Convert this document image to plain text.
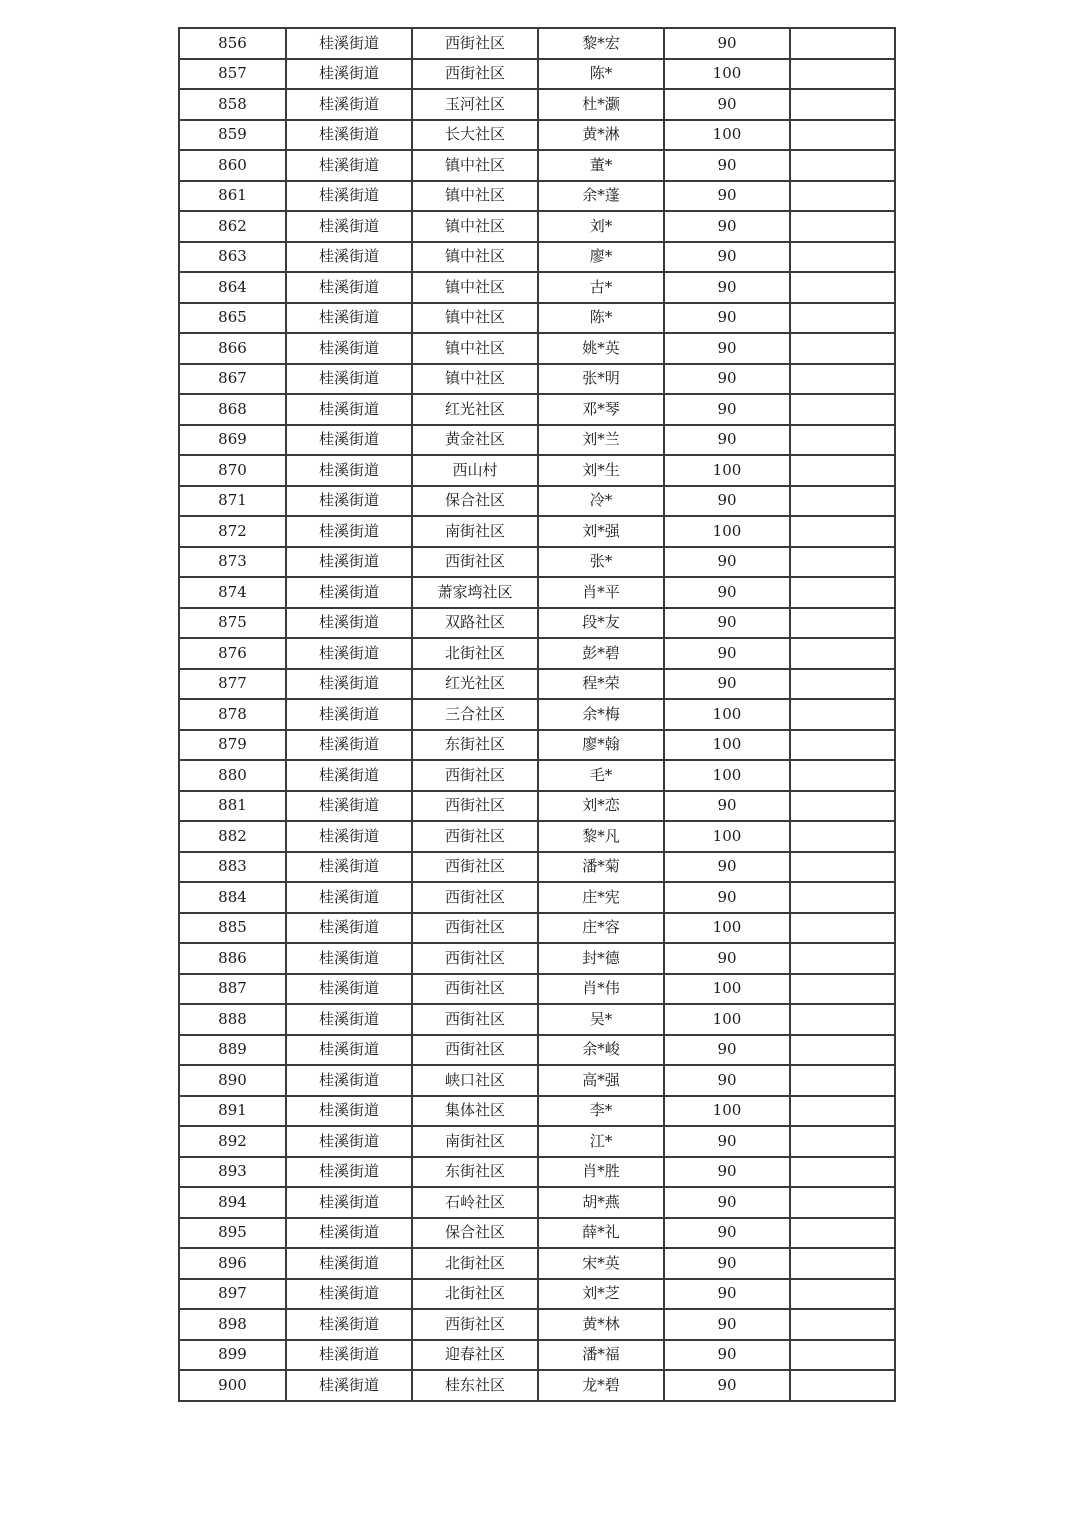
856	桂溪街道	西街社区	黎*宏	90	
857	桂溪街道	西街社区	陈*	100	
858	桂溪街道	玉河社区	杜*灏	90	
859	桂溪街道	长大社区	黄*淋	100	
860	桂溪街道	镇中社区	董*	90	
861	桂溪街道	镇中社区	余*蓬	90	
862	桂溪街道	镇中社区	刘*	90	
863	桂溪街道	镇中社区	廖*	90	
864	桂溪街道	镇中社区	古*	90	
865	桂溪街道	镇中社区	陈*	90	
866	桂溪街道	镇中社区	姚*英	90	
867	桂溪街道	镇中社区	张*明	90	
868	桂溪街道	红光社区	邓*琴	90	
869	桂溪街道	黄金社区	刘*兰	90	
870	桂溪街道	西山村	刘*生	100	
871	桂溪街道	保合社区	冷*	90	
872	桂溪街道	南街社区	刘*强	100	
873	桂溪街道	西街社区	张*	90	
874	桂溪街道	萧家塆社区	肖*平	90	
875	桂溪街道	双路社区	段*友	90	
876	桂溪街道	北街社区	彭*碧	90	
877	桂溪街道	红光社区	程*荣	90	
878	桂溪街道	三合社区	余*梅	100	
879	桂溪街道	东街社区	廖*翰	100	
880	桂溪街道	西街社区	毛*	100	
881	桂溪街道	西街社区	刘*恋	90	
882	桂溪街道	西街社区	黎*凡	100	
883	桂溪街道	西街社区	潘*菊	90	
884	桂溪街道	西街社区	庄*宪	90	
885	桂溪街道	西街社区	庄*容	100	
886	桂溪街道	西街社区	封*德	90	
887	桂溪街道	西街社区	肖*伟	100	
888	桂溪街道	西街社区	吴*	100	
889	桂溪街道	西街社区	余*峻	90	
890	桂溪街道	峡口社区	高*强	90	
891	桂溪街道	集体社区	李*	100	
892	桂溪街道	南街社区	江*	90	
893	桂溪街道	东街社区	肖*胜	90	
894	桂溪街道	石岭社区	胡*燕	90	
895	桂溪街道	保合社区	薛*礼	90	
896	桂溪街道	北街社区	宋*英	90	
897	桂溪街道	北街社区	刘*芝	90	
898	桂溪街道	西街社区	黄*林	90	
899	桂溪街道	迎春社区	潘*福	90	
900	桂溪街道	桂东社区	龙*碧	90	
